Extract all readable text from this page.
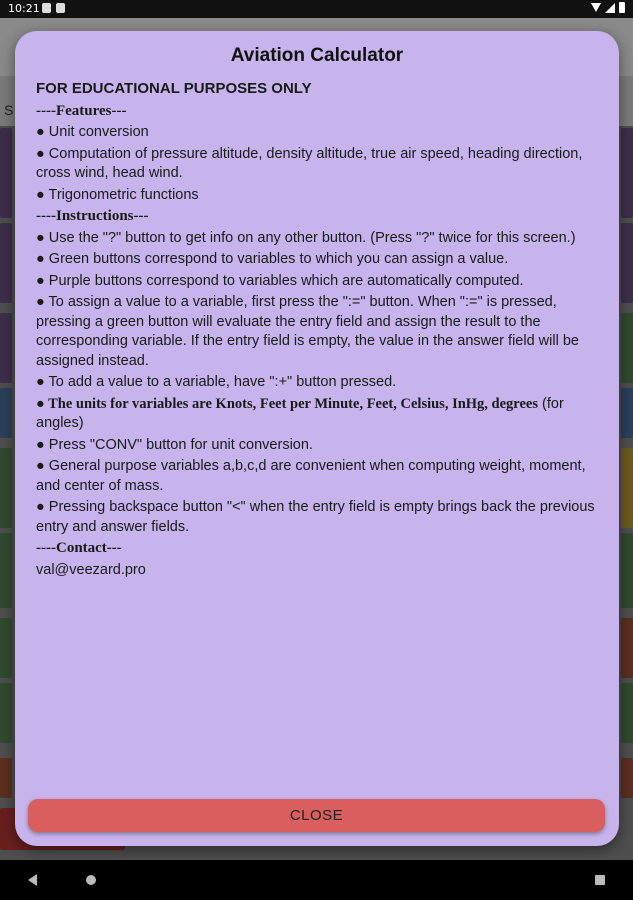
10:21
S
Aviation Calculator

FOR EDUCATIONAL PURPOSES ONLY

----Features---

● Unit conversion

● Computation of pressure altitude, density altitude, true air speed, heading direction, cross wind, head wind.

● Trigonometric functions

----Instructions---

● Use the "?" button to get info on any other button. (Press "?" twice for this screen.)

● Green buttons correspond to variables to which you can assign a value.

● Purple buttons correspond to variables which are automatically computed.

● To assign a value to a variable, first press the ":=" button. When ":=" is pressed, pressing a green button will evaluate the entry field and assign the result to the corresponding variable. If the entry field is empty, the value in the answer field will be assigned instead.

● To add a value to a variable, have ":+" button pressed.

● The units for variables are Knots, Feet per Minute, Feet, Celsius, InHg, degrees (for angles)

● Press "CONV" button for unit conversion.

● General purpose variables a,b,c,d are convenient when computing weight, moment, and center of mass.

● Pressing backspace button "<" when the entry field is empty brings back the previous entry and answer fields.

----Contact---

val@veezard.pro

CLOSE
